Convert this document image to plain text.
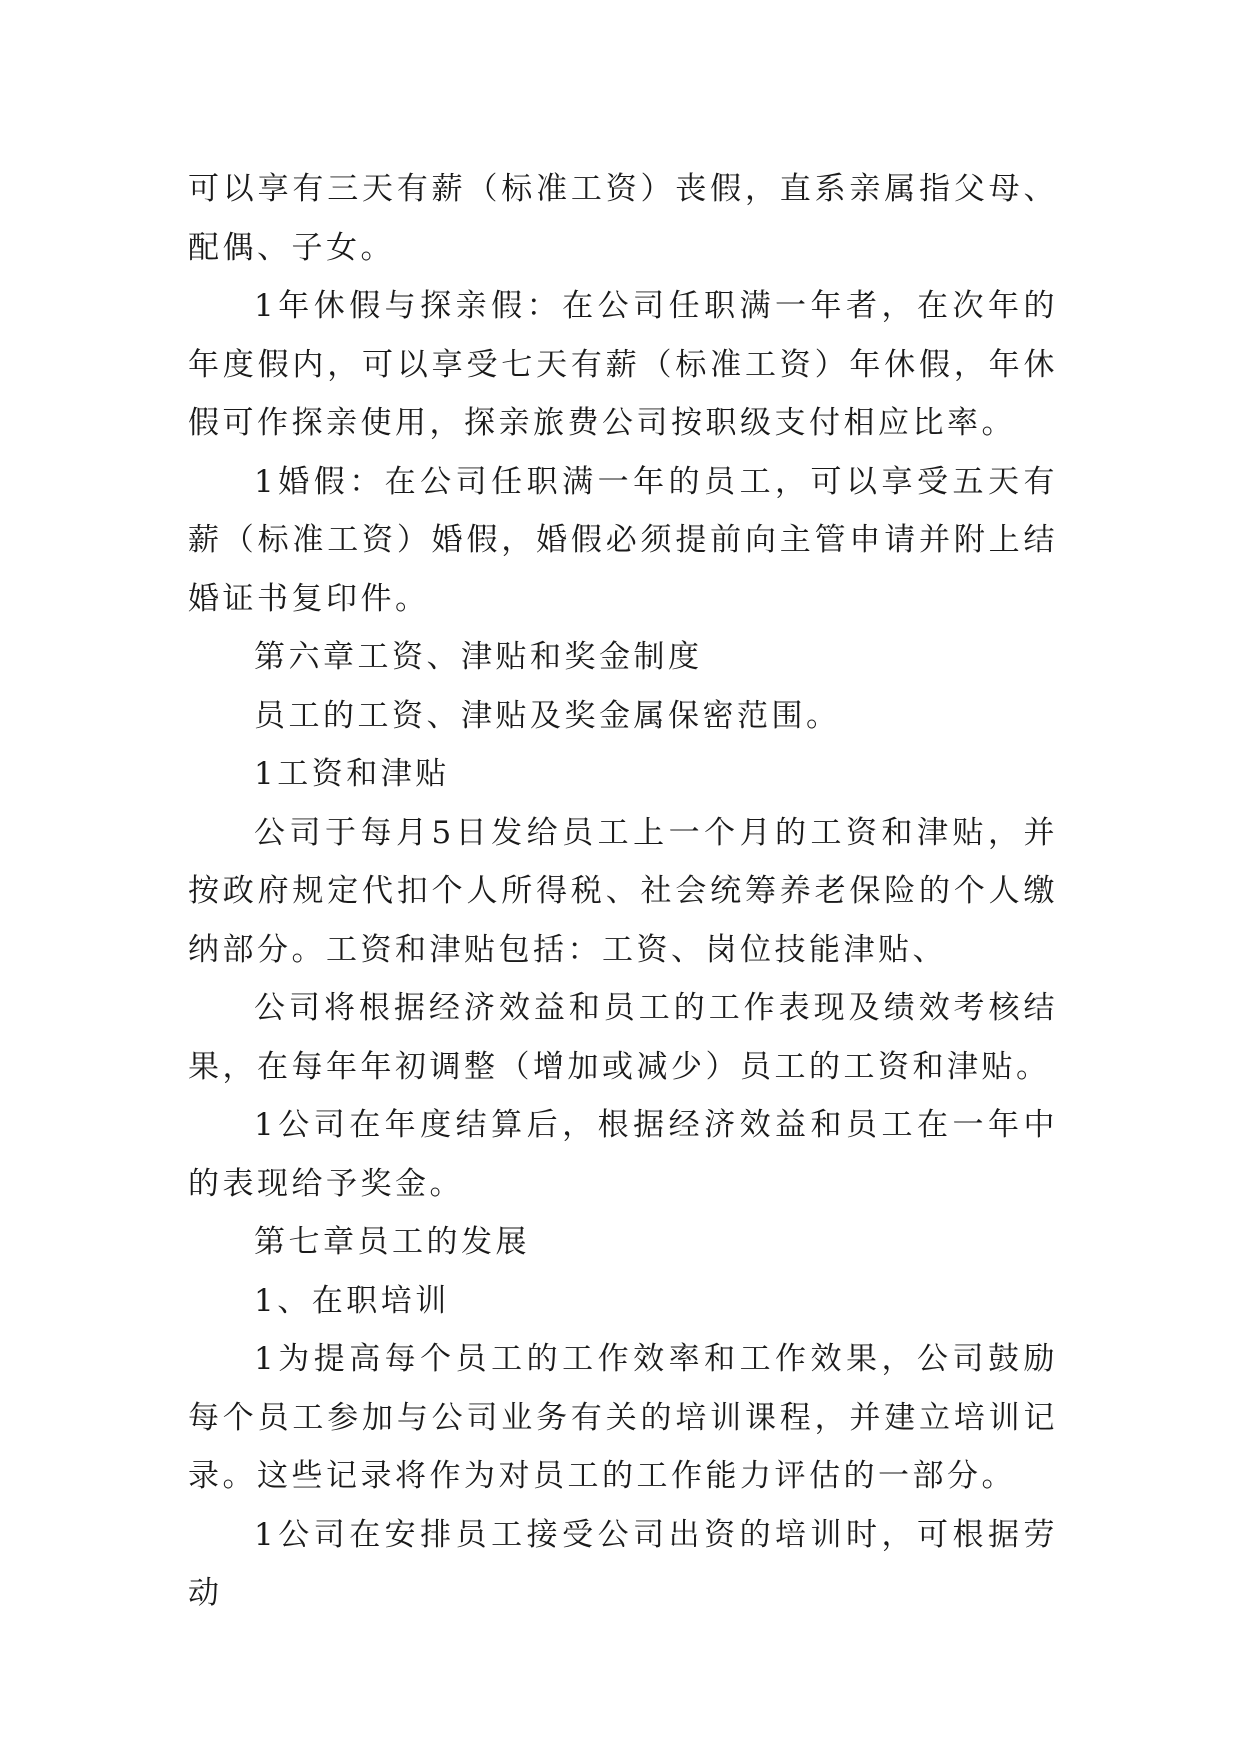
可以享有三天有薪（标准工资）丧假，直系亲属指父母、配偶、子女。

1年休假与探亲假：在公司任职满一年者，在次年的年度假内，可以享受七天有薪（标准工资）年休假，年休假可作探亲使用，探亲旅费公司按职级支付相应比率。

1婚假：在公司任职满一年的员工，可以享受五天有薪（标准工资）婚假，婚假必须提前向主管申请并附上结婚证书复印件。

第六章工资、津贴和奖金制度

员工的工资、津贴及奖金属保密范围。

1工资和津贴

公司于每月5日发给员工上一个月的工资和津贴，并按政府规定代扣个人所得税、社会统筹养老保险的个人缴纳部分。工资和津贴包括：工资、岗位技能津贴、

公司将根据经济效益和员工的工作表现及绩效考核结果，在每年年初调整（增加或减少）员工的工资和津贴。

1公司在年度结算后，根据经济效益和员工在一年中的表现给予奖金。

第七章员工的发展

1、在职培训

1为提高每个员工的工作效率和工作效果，公司鼓励每个员工参加与公司业务有关的培训课程，并建立培训记录。这些记录将作为对员工的工作能力评估的一部分。

1公司在安排员工接受公司出资的培训时，可根据劳动
